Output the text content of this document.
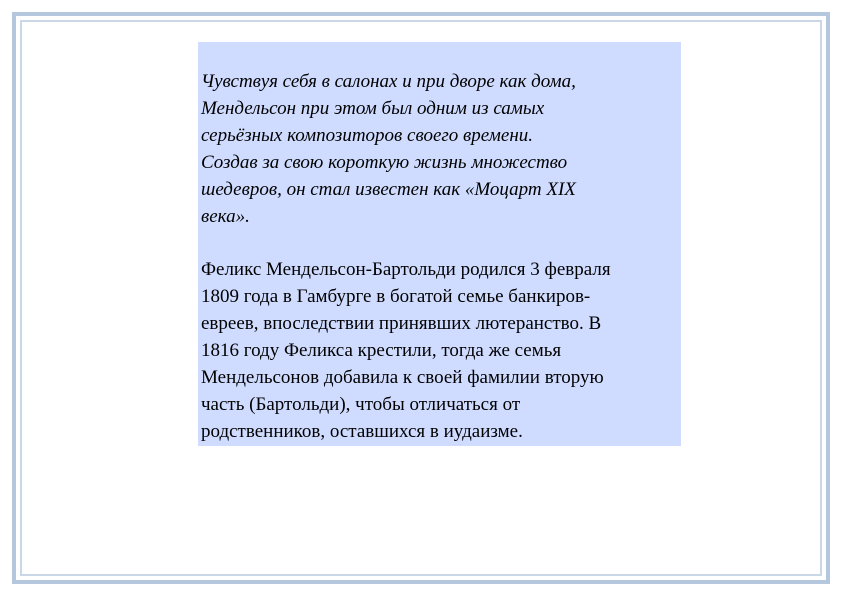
Чувствуя себя в салонах и при дворе как дома,
Мендельсон при этом был одним из самых
серьёзных композиторов своего времени.
Создав за свою короткую жизнь множество
шедевров, он стал известен как «Моцарт XIX
века».

Феликс Мендельсон-Бартольди родился 3 февраля
1809 года в Гамбурге в богатой семье банкиров-
евреев, впоследствии принявших лютеранство. В
1816 году Феликса крестили, тогда же семья
Мендельсонов добавила к своей фамилии вторую
часть (Бартольди), чтобы отличаться от
родственников, оставшихся в иудаизме.
